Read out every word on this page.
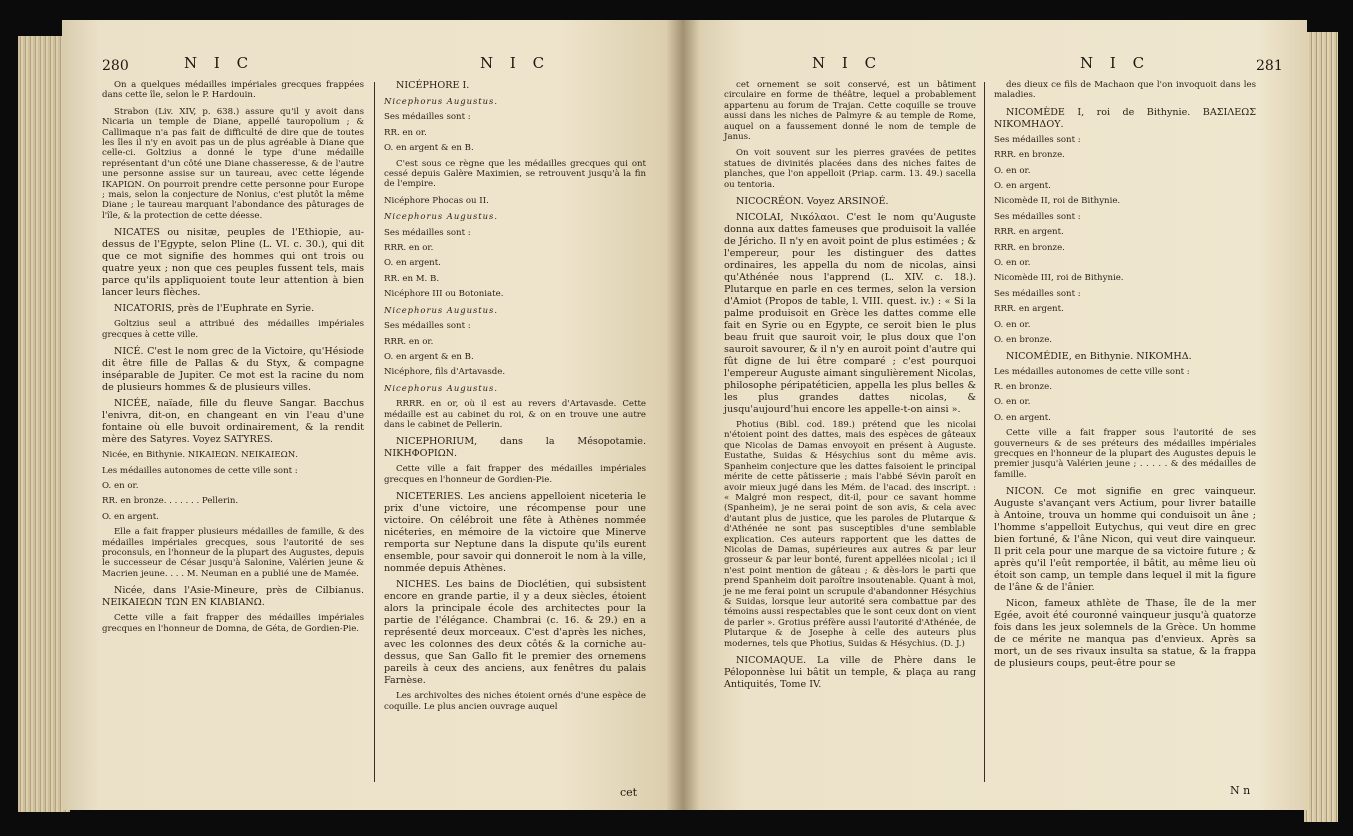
280	N I C	N I C

On a quelques médailles impériales grecques frappées dans cette île, selon le P. Hardouin.

Strabon (Liv. XIV, p. 638.) assure qu'il y avoit dans Nicaria un temple de Diane, appellé tauropolium ; & Callimaque n'a pas fait de difficulté de dire que de toutes les îles il n'y en avoit pas un de plus agréable à Diane que celle-ci. Goltzius a donné le type d'une médaille représentant d'un côté une Diane chasseresse, & de l'autre une personne assise sur un taureau, avec cette légende ΙΚΑΡΙΩΝ. On pourroit prendre cette personne pour Europe ; mais, selon la conjecture de Nonius, c'est plutôt la même Diane ; le taureau marquant l'abondance des pâturages de l'île, & la protection de cette déesse.

NICATES ou nisitæ, peuples de l'Ethiopie, au-dessus de l'Egypte, selon Pline (L. VI. c. 30.), qui dit que ce mot signifie des hommes qui ont trois ou quatre yeux ; non que ces peuples fussent tels, mais parce qu'ils appliquoient toute leur attention à bien lancer leurs flèches.

NICATORIS, près de l'Euphrate en Syrie.

Goltzius seul a attribué des médailles impériales grecques à cette ville.

NICÉ. C'est le nom grec de la Victoire, qu'Hésiode dit être fille de Pallas & du Styx, & compagne inséparable de Jupiter. Ce mot est la racine du nom de plusieurs hommes & de plusieurs villes.

NICÉE, naïade, fille du fleuve Sangar. Bacchus l'enivra, dit-on, en changeant en vin l'eau d'une fontaine où elle buvoit ordinairement, & la rendit mère des Satyres. Voyez SATYRES.

Nicée, en Bithynie. ΝΙΚΑΙΕΩΝ. ΝΕΙΚΑΙΕΩΝ.

Les médailles autonomes de cette ville sont :

O. en or.

RR. en bronze. . . . . . . Pellerin.

O. en argent.

Elle a fait frapper plusieurs médailles de famille, & des médailles impériales grecques, sous l'autorité de ses proconsuls, en l'honneur de la plupart des Augustes, depuis le successeur de César jusqu'à Salonine, Valérien jeune & Macrien jeune. . . . M. Neuman en a publié une de Mamée.

Nicée, dans l'Asie-Mineure, près de Cilbianus. ΝΕΙΚΑΙΕΩΝ ΤΩΝ ΕΝ ΚΙΛΒΙΑΝΩ.

Cette ville a fait frapper des médailles impériales grecques en l'honneur de Domna, de Géta, de Gordien-Pie.

NICÉPHORE I.

Nicephorus Augustus.

Ses médailles sont :

RR. en or.

O. en argent & en B.

C'est sous ce règne que les médailles grecques qui ont cessé depuis Galère Maximien, se retrouvent jusqu'à la fin de l'empire.

Nicéphore Phocas ou II.

Nicephorus Augustus.

Ses médailles sont :

RRR. en or.

O. en argent.

RR. en M. B.

Nicéphore III ou Botoniate.

Nicephorus Augustus.

Ses médailles sont :

RRR. en or.

O. en argent & en B.

Nicéphore, fils d'Artavasde.

Nicephorus Augustus.

RRRR. en or, où il est au revers d'Artavasde. Cette médaille est au cabinet du roi, & on en trouve une autre dans le cabinet de Pellerin.

NICEPHORIUM, dans la Mésopotamie. ΝΙΚΗΦΟΡΙΩΝ.

Cette ville a fait frapper des médailles impériales grecques en l'honneur de Gordien-Pie.

NICETERIES. Les anciens appelloient niceteria le prix d'une victoire, une récompense pour une victoire. On célébroit une fête à Athènes nommée nicéteries, en mémoire de la victoire que Minerve remporta sur Neptune dans la dispute qu'ils eurent ensemble, pour savoir qui donneroit le nom à la ville, nommée depuis Athènes.

NICHES. Les bains de Dioclétien, qui subsistent encore en grande partie, il y a deux siècles, étoient alors la principale école des architectes pour la partie de l'élégance. Chambrai (c. 16. & 29.) en a représenté deux morceaux. C'est d'après les niches, avec les colonnes des deux côtés & la corniche au-dessus, que San Gallo fit le premier des ornemens pareils à ceux des anciens, aux fenêtres du palais Farnèse.

Les archivoltes des niches étoient ornés d'une espèce de coquille. Le plus ancien ouvrage auquel

cet
N I C	N I C	281

cet ornement se soit conservé, est un bâtiment circulaire en forme de théâtre, lequel a probablement appartenu au forum de Trajan. Cette coquille se trouve aussi dans les niches de Palmyre & au temple de Rome, auquel on a faussement donné le nom de temple de Janus.

On voit souvent sur les pierres gravées de petites statues de divinités placées dans des niches faites de planches, que l'on appelloit (Priap. carm. 13. 49.) sacella ou tentoria.

NICOCRÉON. Voyez ARSINOÉ.

NICOLAI, Νικόλαοι. C'est le nom qu'Auguste donna aux dattes fameuses que produisoit la vallée de Jéricho. Il n'y en avoit point de plus estimées ; & l'empereur, pour les distinguer des dattes ordinaires, les appella du nom de nicolas, ainsi qu'Athénée nous l'apprend (L. XIV. c. 18.). Plutarque en parle en ces termes, selon la version d'Amiot (Propos de table, l. VIII. quest. iv.) : « Si la palme produisoit en Grèce les dattes comme elle fait en Syrie ou en Egypte, ce seroit bien le plus beau fruit que sauroit voir, le plus doux que l'on sauroit savourer, & il n'y en auroit point d'autre qui fût digne de lui être comparé ; c'est pourquoi l'empereur Auguste aimant singulièrement Nicolas, philosophe péripatéticien, appella les plus belles & les plus grandes dattes nicolas, & jusqu'aujourd'hui encore les appelle-t-on ainsi ».

Photius (Bibl. cod. 189.) prétend que les nicolai n'étoient point des dattes, mais des espèces de gâteaux que Nicolas de Damas envoyoit en présent à Auguste. Eustathe, Suidas & Hésychius sont du même avis. Spanheim conjecture que les dattes faisoient le principal mérite de cette pâtisserie ; mais l'abbé Sévin paroît en avoir mieux jugé dans les Mém. de l'acad. des inscript. : « Malgré mon respect, dit-il, pour ce savant homme (Spanheim), je ne serai point de son avis, & cela avec d'autant plus de justice, que les paroles de Plutarque & d'Athénée ne sont pas susceptibles d'une semblable explication. Ces auteurs rapportent que les dattes de Nicolas de Damas, supérieures aux autres & par leur grosseur & par leur bonté, furent appellées nicolai ; ici il n'est point mention de gâteau ; & dès-lors le parti que prend Spanheim doit paroître insoutenable. Quant à moi, je ne me ferai point un scrupule d'abandonner Hésychius & Suidas, lorsque leur autorité sera combattue par des témoins aussi respectables que le sont ceux dont on vient de parler ». Grotius préfère aussi l'autorité d'Athénée, de Plutarque & de Josephe à celle des auteurs plus modernes, tels que Photius, Suidas & Hésychius. (D. J.)

NICOMAQUE. La ville de Phère dans le Péloponnèse lui bâtit un temple, & plaça au rang Antiquités, Tome IV.

des dieux ce fils de Machaon que l'on invoquoit dans les maladies.

NICOMÈDE I, roi de Bithynie. ΒΑΣΙΛΕΩΣ ΝΙΚΟΜΗΔΟΥ.

Ses médailles sont :

RRR. en bronze.

O. en or.

O. en argent.

Nicomède II, roi de Bithynie.

Ses médailles sont :

RRR. en argent.

RRR. en bronze.

O. en or.

Nicomède III, roi de Bithynie.

Ses médailles sont :

RRR. en argent.

O. en or.

O. en bronze.

NICOMÉDIE, en Bithynie. ΝΙΚΟΜΗΔ.

Les médailles autonomes de cette ville sont :

R. en bronze.

O. en or.

O. en argent.

Cette ville a fait frapper sous l'autorité de ses gouverneurs & de ses préteurs des médailles impériales grecques en l'honneur de la plupart des Augustes depuis le premier jusqu'à Valérien jeune ; . . . . . & des médailles de famille.

NICON. Ce mot signifie en grec vainqueur. Auguste s'avançant vers Actium, pour livrer bataille à Antoine, trouva un homme qui conduisoit un âne ; l'homme s'appelloit Eutychus, qui veut dire en grec bien fortuné, & l'âne Nicon, qui veut dire vainqueur. Il prit cela pour une marque de sa victoire future ; & après qu'il l'eût remportée, il bâtit, au même lieu où étoit son camp, un temple dans lequel il mit la figure de l'âne & de l'ânier.

Nicon, fameux athlète de Thase, île de la mer Egée, avoit été couronné vainqueur jusqu'à quatorze fois dans les jeux solemnels de la Grèce. Un homme de ce mérite ne manqua pas d'envieux. Après sa mort, un de ses rivaux insulta sa statue, & la frappa de plusieurs coups, peut-être pour se

N n
